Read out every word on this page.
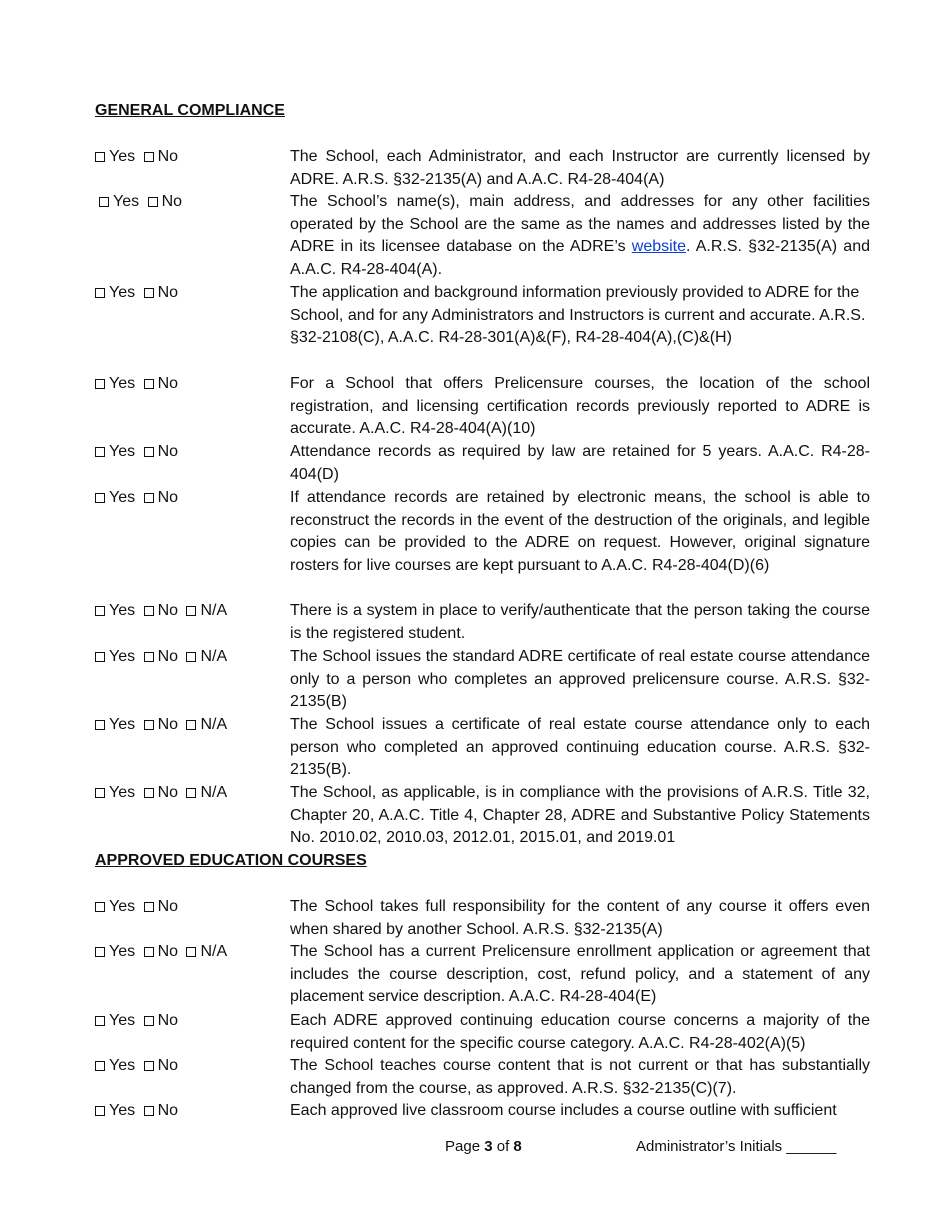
GENERAL COMPLIANCE
Yes No	The School, each Administrator, and each Instructor are currently licensed by ADRE. A.R.S. §32-2135(A) and A.A.C. R4-28-404(A)
Yes No	The School’s name(s), main address, and addresses for any other facilities operated by the School are the same as the names and addresses listed by the ADRE in its licensee database on the ADRE’s website. A.R.S. §32-2135(A) and A.A.C. R4-28-404(A).
Yes No	The application and background information previously provided to ADRE for the School, and for any Administrators and Instructors is current and accurate. A.R.S. §32-2108(C), A.A.C. R4-28-301(A)&(F), R4-28-404(A),(C)&(H)
Yes No	For a School that offers Prelicensure courses, the location of the school registration, and licensing certification records previously reported to ADRE is accurate. A.A.C. R4-28-404(A)(10)
Yes No	Attendance records as required by law are retained for 5 years. A.A.C. R4-28-404(D)
Yes No	If attendance records are retained by electronic means, the school is able to reconstruct the records in the event of the destruction of the originals, and legible copies can be provided to the ADRE on request. However, original signature rosters for live courses are kept pursuant to A.A.C. R4-28-404(D)(6)
Yes No N/A	There is a system in place to verify/authenticate that the person taking the course is the registered student.
Yes No N/A	The School issues the standard ADRE certificate of real estate course attendance only to a person who completes an approved prelicensure course. A.R.S. §32-2135(B)
Yes No N/A	The School issues a certificate of real estate course attendance only to each person who completed an approved continuing education course. A.R.S. §32-2135(B).
Yes No N/A	The School, as applicable, is in compliance with the provisions of A.R.S. Title 32, Chapter 20, A.A.C. Title 4, Chapter 28, ADRE and Substantive Policy Statements No. 2010.02, 2010.03, 2012.01, 2015.01, and 2019.01
APPROVED EDUCATION COURSES
Yes No	The School takes full responsibility for the content of any course it offers even when shared by another School. A.R.S. §32-2135(A)
Yes No N/A	The School has a current Prelicensure enrollment application or agreement that includes the course description, cost, refund policy, and a statement of any placement service description. A.A.C. R4-28-404(E)
Yes No	Each ADRE approved continuing education course concerns a majority of the required content for the specific course category. A.A.C. R4-28-402(A)(5)
Yes No	The School teaches course content that is not current or that has substantially changed from the course, as approved. A.R.S. §32-2135(C)(7).
Yes No	Each approved live classroom course includes a course outline with sufficient
Page 3 of 8	Administrator’s Initials ______
